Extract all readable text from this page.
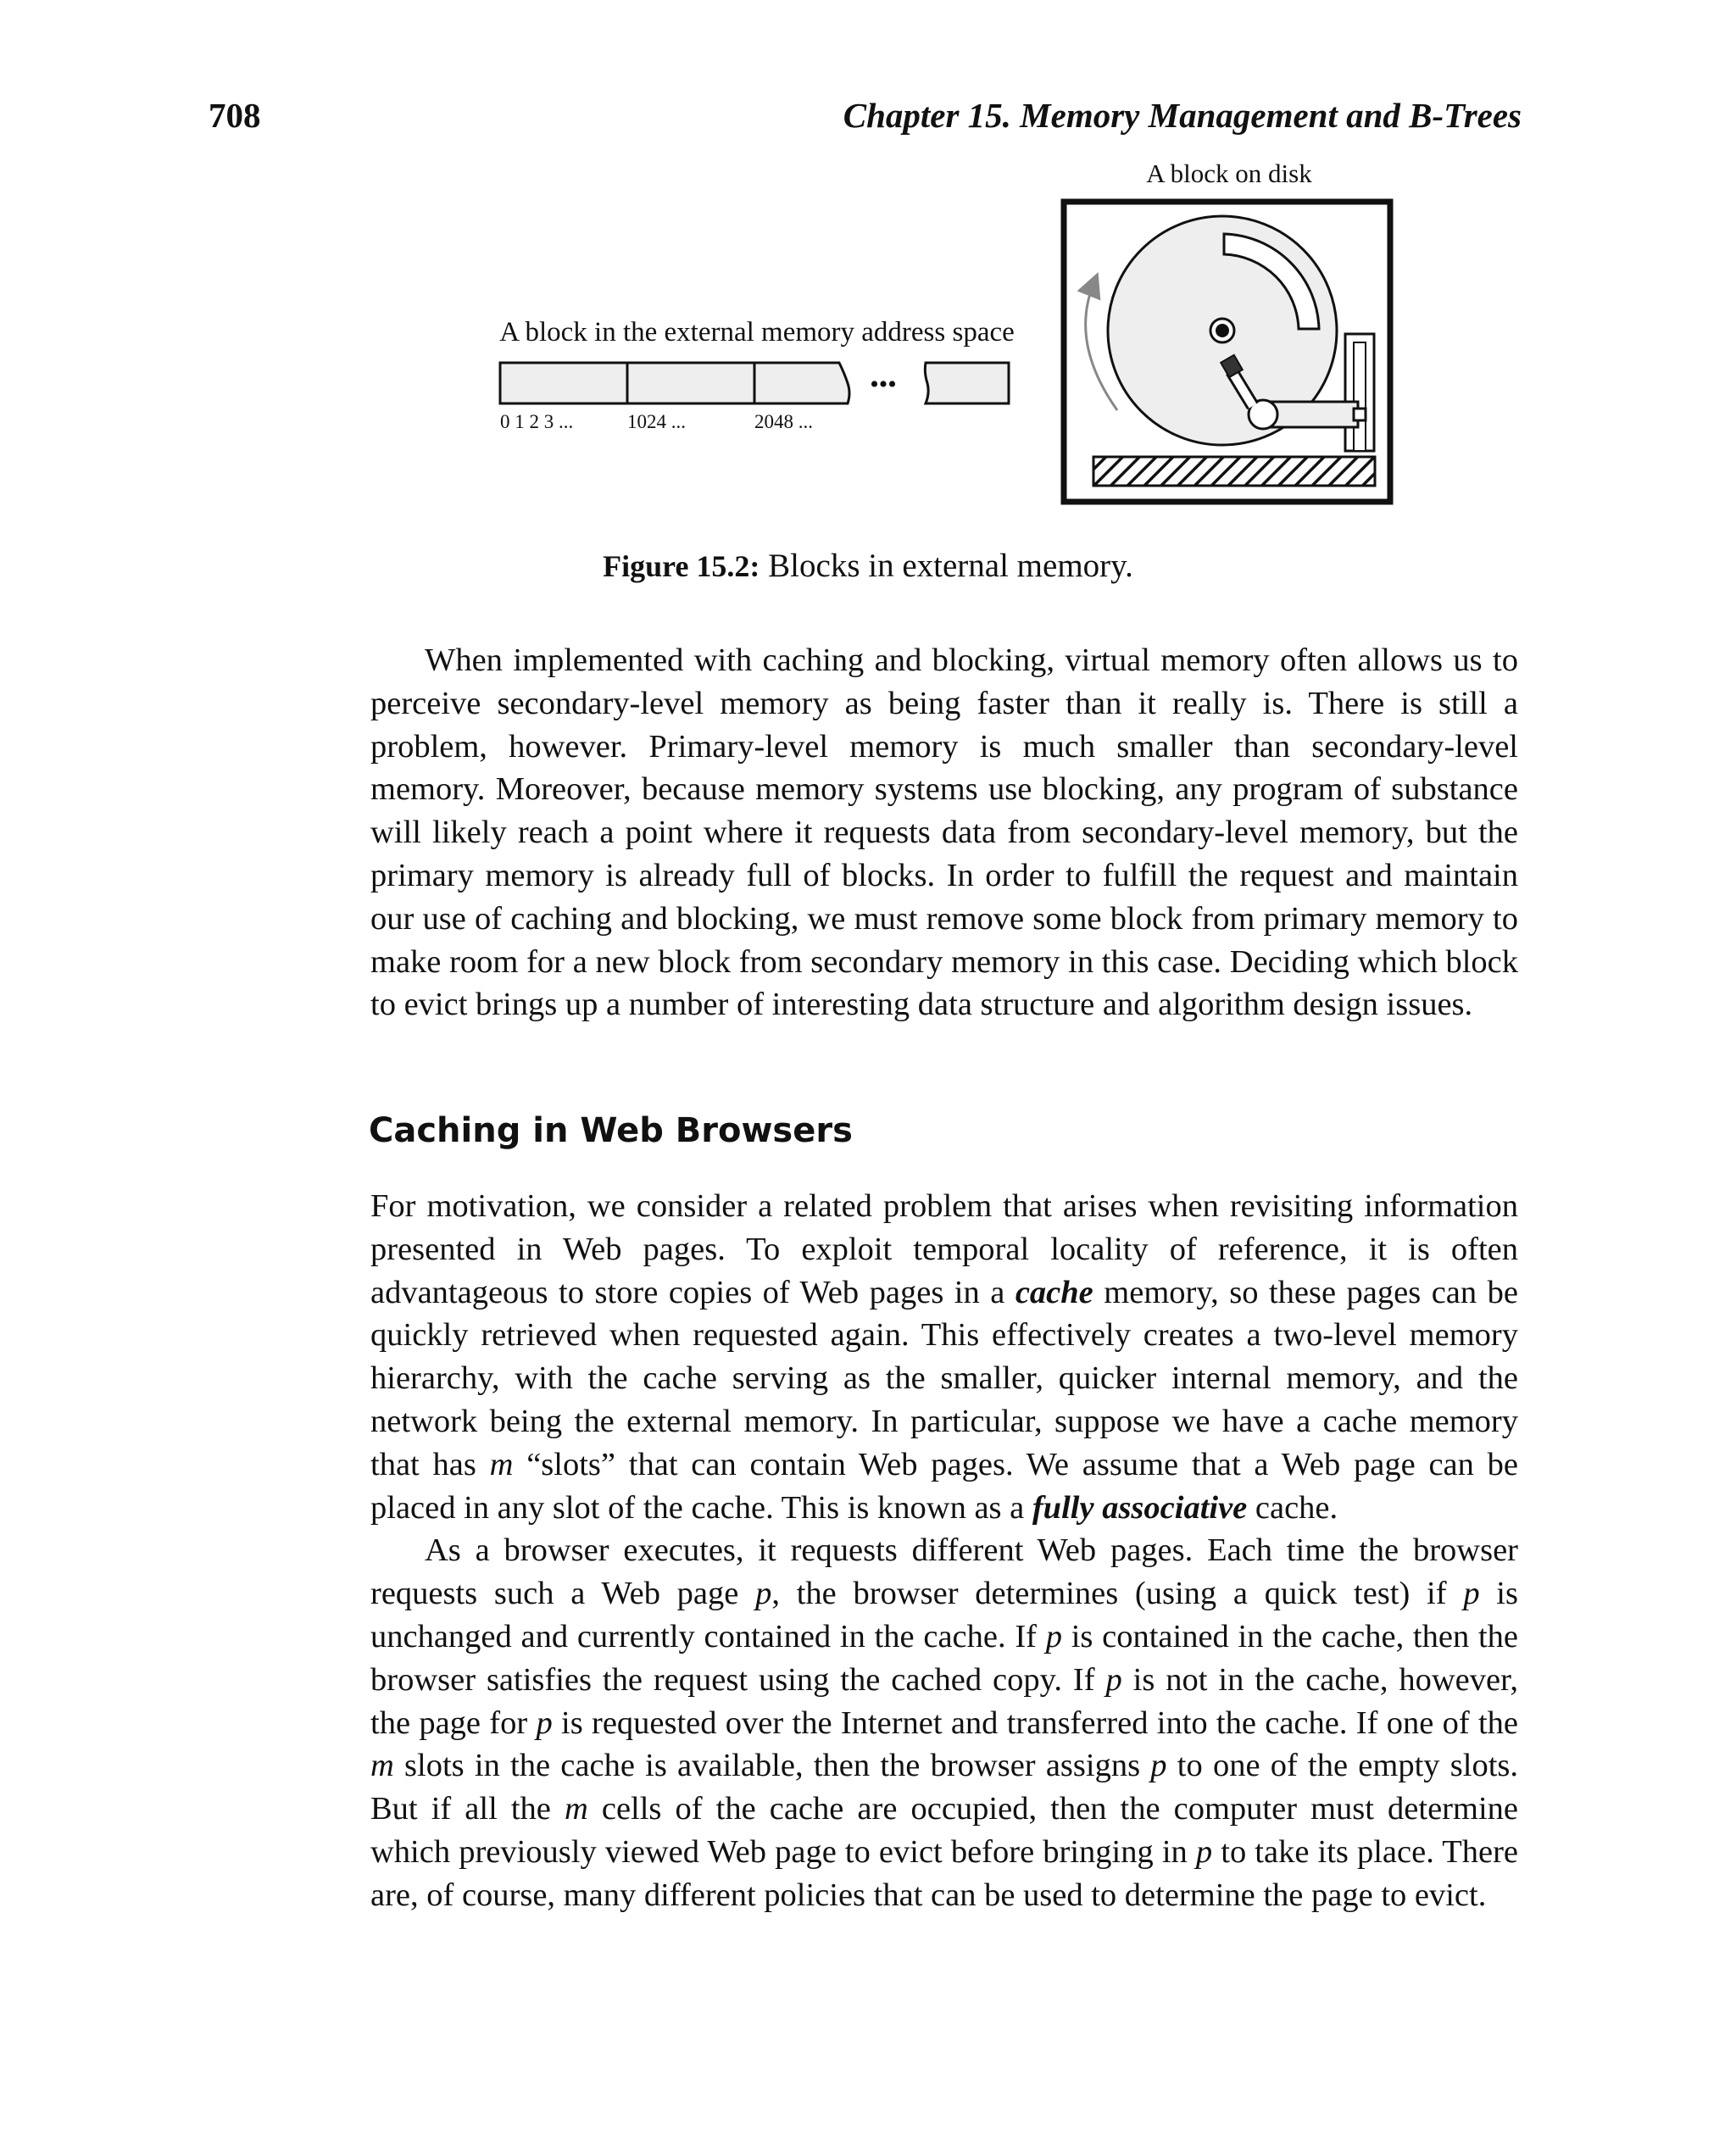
708	Chapter 15. Memory Management and B-Trees
A block in the external memory address space
•••
0 1 2 3 ...	1024 ...	2048 ...
A block on disk
Figure 15.2: Blocks in external memory.

When implemented with caching and blocking, virtual memory often allows us to perceive secondary-level memory as being faster than it really is. There is still a problem, however. Primary-level memory is much smaller than secondary-level memory. Moreover, because memory systems use blocking, any program of substance will likely reach a point where it requests data from secondary-level memory, but the primary memory is already full of blocks. In order to fulfill the request and maintain our use of caching and blocking, we must remove some block from primary memory to make room for a new block from secondary memory in this case. Deciding which block to evict brings up a number of interesting data structure and algorithm design issues.

Caching in Web Browsers

For motivation, we consider a related problem that arises when revisiting information presented in Web pages. To exploit temporal locality of reference, it is often advantageous to store copies of Web pages in a cache memory, so these pages can be quickly retrieved when requested again. This effectively creates a two-level memory hierarchy, with the cache serving as the smaller, quicker internal memory, and the network being the external memory. In particular, suppose we have a cache memory that has m “slots” that can contain Web pages. We assume that a Web page can be placed in any slot of the cache. This is known as a fully associative cache.

As a browser executes, it requests different Web pages. Each time the browser requests such a Web page p, the browser determines (using a quick test) if p is unchanged and currently contained in the cache. If p is contained in the cache, then the browser satisfies the request using the cached copy. If p is not in the cache, however, the page for p is requested over the Internet and transferred into the cache. If one of the m slots in the cache is available, then the browser assigns p to one of the empty slots. But if all the m cells of the cache are occupied, then the computer must determine which previously viewed Web page to evict before bringing in p to take its place. There are, of course, many different policies that can be used to determine the page to evict.
